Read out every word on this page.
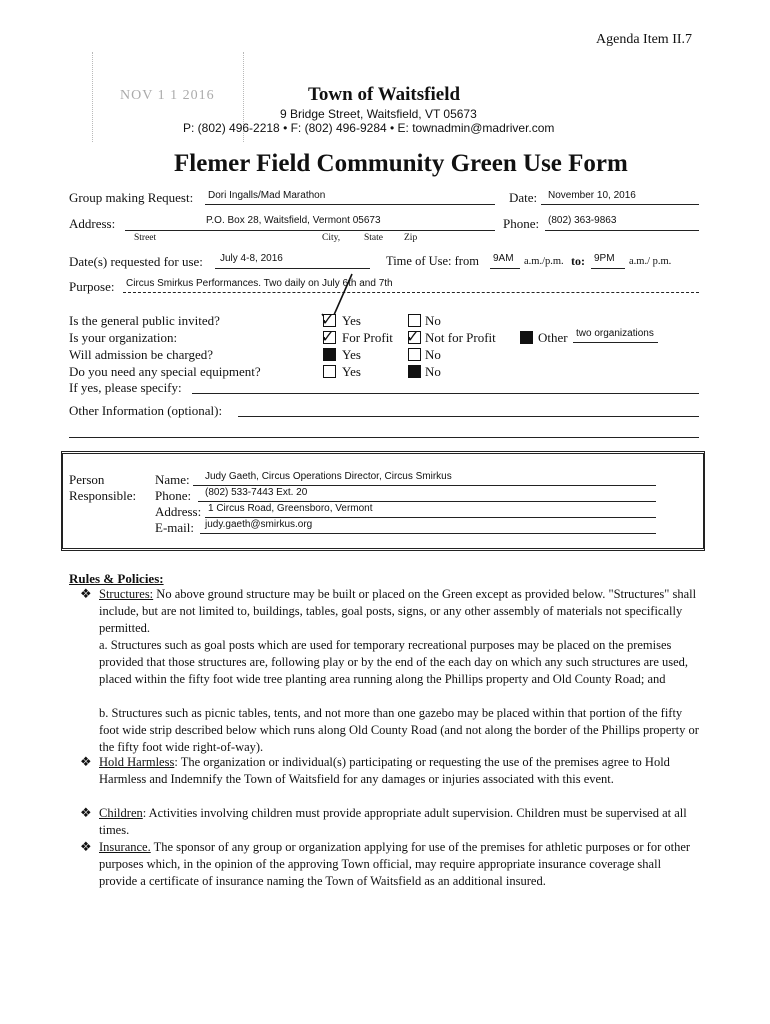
Agenda Item II.7
NOV 1 1 2016	Town of Waitsfield
9 Bridge Street, Waitsfield, VT 05673
P: (802) 496-2218 • F: (802) 496-9284 • E: townadmin@madriver.com
Flemer Field Community Green Use Form
Group making Request: Dori Ingalls/Mad Marathon	Date: November 10, 2016
Address:	P.O. Box 28, Waitsfield, Vermont 05673	Phone: (802) 363-9863
Street	City,	State Zip
Date(s) requested for use: July 4-8, 2016	Time of Use: from 9AM a.m./p.m. to: 9PM a.m./ p.m.
Purpose: Circus Smirkus Performances. Two daily on July 6th and 7th
Is the general public invited?	✓ Yes	No
Is your organization:	✓ For Profit ✓ Not for Profit	Other two organizations
Will admission be charged?	Yes	No
Do you need any special equipment?	Yes	No
If yes, please specify:
Other Information (optional):
Person
Responsible:
Name: Judy Gaeth, Circus Operations Director, Circus Smirkus
Phone: (802) 533-7443 Ext. 20
Address: 1 Circus Road, Greensboro, Vermont
E-mail: judy.gaeth@smirkus.org
Rules & Policies:
❖ Structures: No above ground structure may be built or placed on the Green except as provided below. "Structures" shall include, but are not limited to, buildings, tables, goal posts, signs, or any other assembly of materials not specifically permitted.
a. Structures such as goal posts which are used for temporary recreational purposes may be placed on the premises provided that those structures are, following play or by the end of the each day on which any such structures are used, placed within the fifty foot wide tree planting area running along the Phillips property and Old County Road; and
b. Structures such as picnic tables, tents, and not more than one gazebo may be placed within that portion of the fifty foot wide strip described below which runs along Old County Road (and not along the border of the Phillips property or the fifty foot wide right-of-way).
❖ Hold Harmless: The organization or individual(s) participating or requesting the use of the premises agree to Hold Harmless and Indemnify the Town of Waitsfield for any damages or injuries associated with this event.
❖ Children: Activities involving children must provide appropriate adult supervision. Children must be supervised at all times.
❖ Insurance. The sponsor of any group or organization applying for use of the premises for athletic purposes or for other purposes which, in the opinion of the approving Town official, may require appropriate insurance coverage shall provide a certificate of insurance naming the Town of Waitsfield as an additional insured.
